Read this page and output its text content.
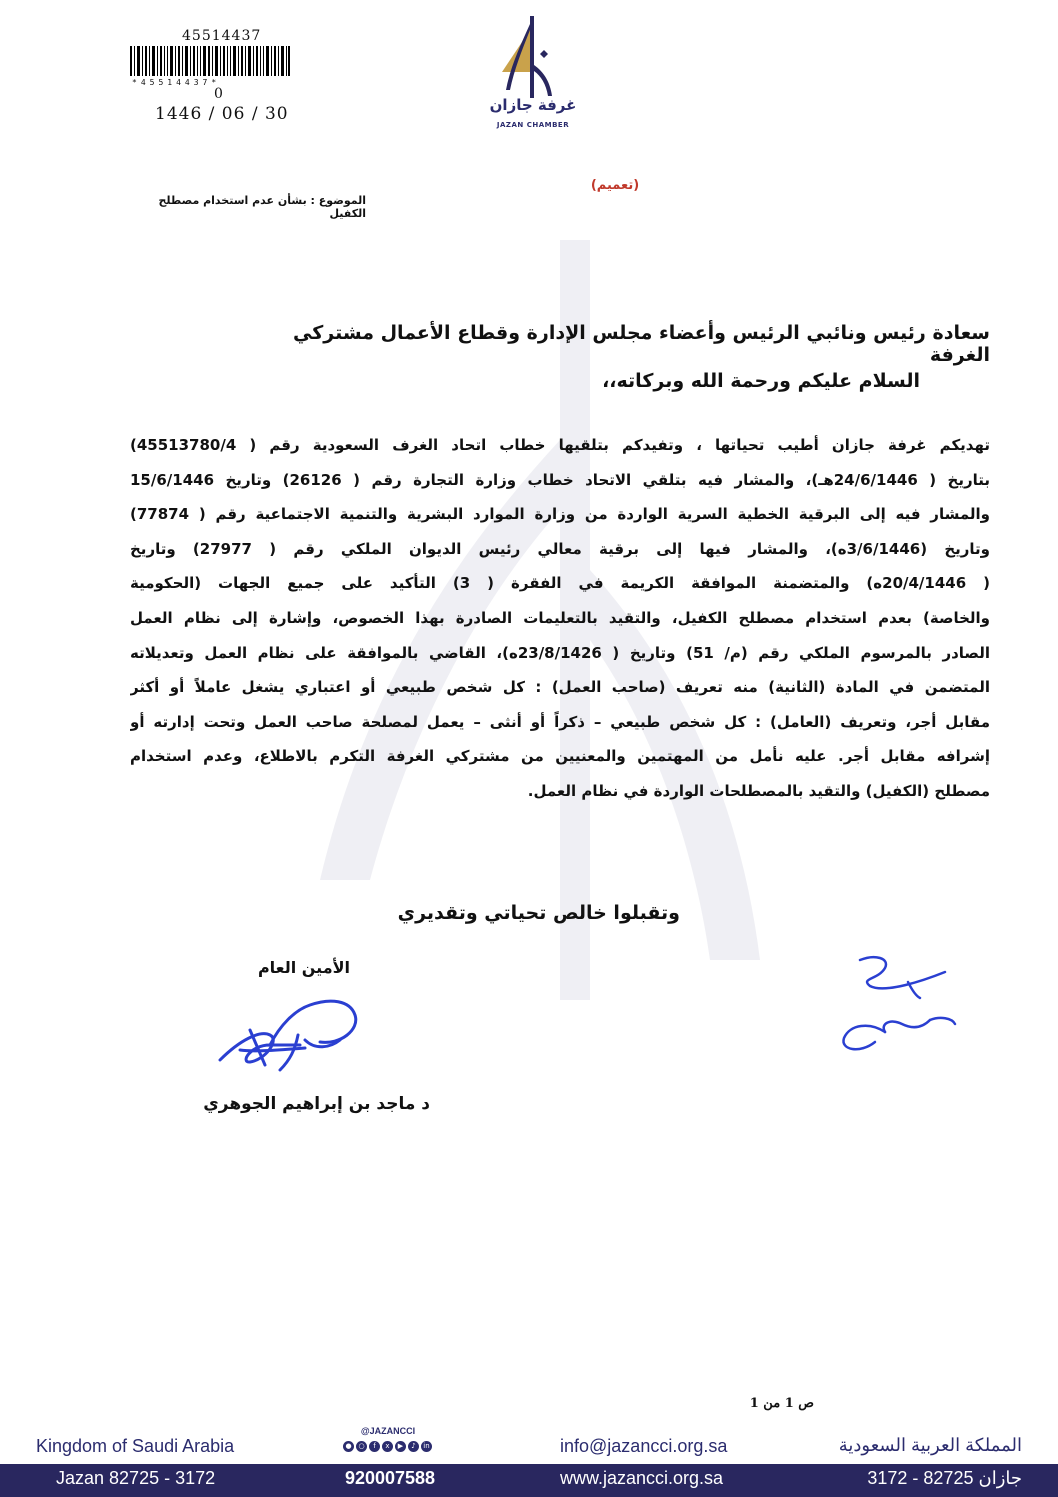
45514437
*45514437*
0
1446 / 06 / 30	غرفة جازان
JAZAN CHAMBER
(تعميم)
الموضوع : بشأن عدم استخدام مصطلح الكفيل
سعادة رئيس ونائبي الرئيس وأعضاء مجلس الإدارة وقطاع الأعمال مشتركي الغرفة
السلام عليكم ورحمة الله وبركاته،،
تهديكم غرفة جازان أطيب تحياتها ، وتفيدكم بتلقيها خطاب اتحاد الغرف السعودية رقم ( 45513780/4)
بتاريخ ( 24/6/1446هـ)، والمشار فيه بتلقي الاتحاد خطاب وزارة التجارة رقم ( 26126) وتاريخ 15/6/1446
والمشار فيه إلى البرقية الخطية السرية الواردة من وزارة الموارد البشرية والتنمية الاجتماعية رقم ( 77874)
وتاريخ (3/6/1446ه)، والمشار فيها إلى برقية معالي رئيس الديوان الملكي رقم ( 27977) وتاريخ
( 20/4/1446ه) والمتضمنة الموافقة الكريمة في الفقرة ( 3) التأكيد على جميع الجهات (الحكومية
والخاصة) بعدم استخدام مصطلح الكفيل، والتقيد بالتعليمات الصادرة بهذا الخصوص، وإشارة إلى نظام العمل
الصادر بالمرسوم الملكي رقم (م/ 51) وتاريخ ( 23/8/1426ه)، القاضي بالموافقة على نظام العمل وتعديلاته
المتضمن في المادة (الثانية) منه تعريف (صاحب العمل) : كل شخص طبيعي أو اعتباري يشغل عاملاً أو أكثر
مقابل أجر، وتعريف (العامل) : كل شخص طبيعي – ذكراً أو أنثى – يعمل لمصلحة صاحب العمل وتحت إدارته أو
إشرافه مقابل أجر. عليه نأمل من المهتمين والمعنيين من مشتركي الغرفة التكرم بالاطلاع، وعدم استخدام
مصطلح (الكفيل) والتقيد بالمصطلحات الواردة في نظام العمل.
وتقبلوا خالص تحياتي وتقديري
الأمين العام
د ماجد بن إبراهيم الجوهري
ص 1 من 1
Kingdom of Saudi Arabia
@JAZANCCI
● ○	f	x	▶	♪	in	info@jazancci.org.sa	المملكة العربية السعودية
Jazan 82725 - 3172	920007588	www.jazancci.org.sa	جازان 82725 - 3172
